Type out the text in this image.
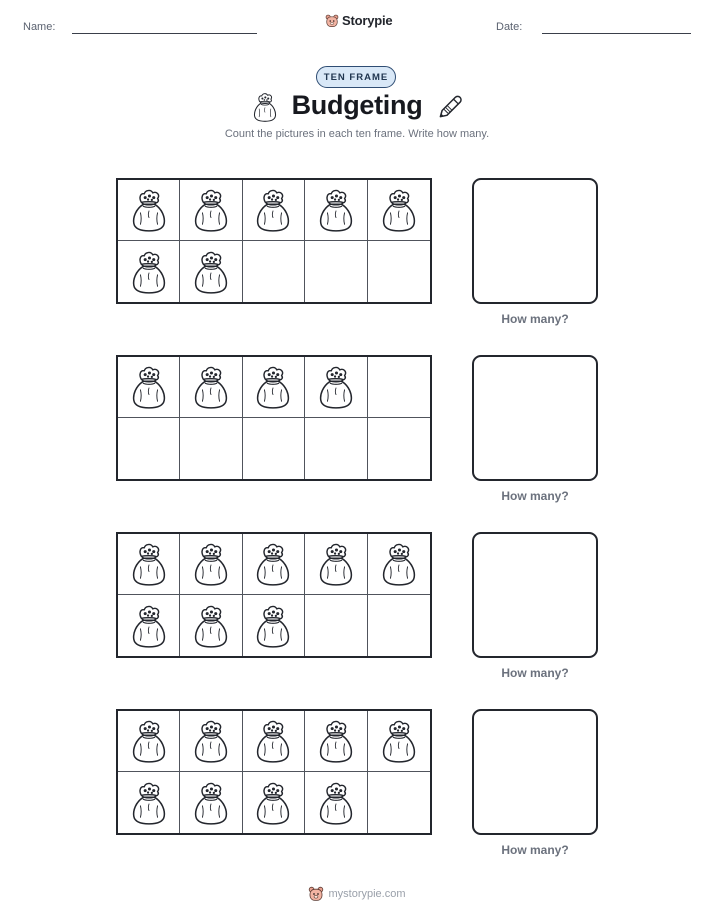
Name:	Storypie	Date:
TEN FRAME
Budgeting
Count the pictures in each ten frame. Write how many.
How many?
How many?
How many?
How many?
mystorypie.com
